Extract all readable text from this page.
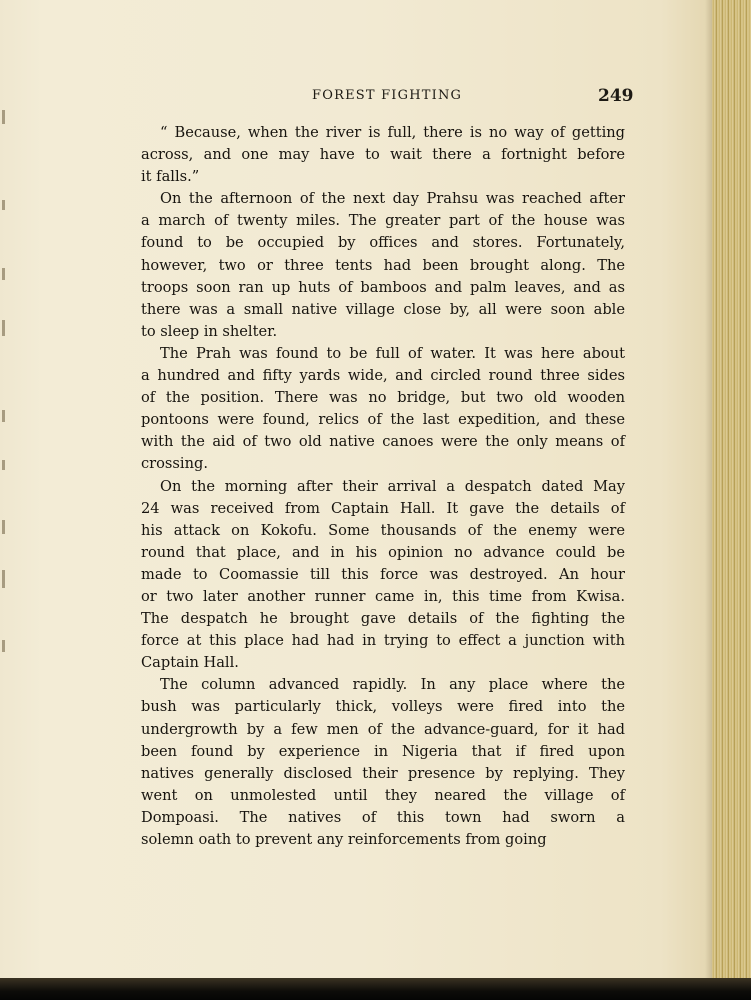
FOREST FIGHTING	249

“ Because, when the river is full, there is no way of getting
across, and one may have to wait there a fortnight before
it falls.”

On the afternoon of the next day Prahsu was reached after
a march of twenty miles. The greater part of the house was
found to be occupied by offices and stores. Fortunately,
however, two or three tents had been brought along. The
troops soon ran up huts of bamboos and palm leaves, and as
there was a small native village close by, all were soon able
to sleep in shelter.

The Prah was found to be full of water. It was here about
a hundred and fifty yards wide, and circled round three sides
of the position. There was no bridge, but two old wooden
pontoons were found, relics of the last expedition, and these
with the aid of two old native canoes were the only means of
crossing.

On the morning after their arrival a despatch dated May
24 was received from Captain Hall. It gave the details of
his attack on Kokofu. Some thousands of the enemy were
round that place, and in his opinion no advance could be
made to Coomassie till this force was destroyed. An hour
or two later another runner came in, this time from Kwisa.
The despatch he brought gave details of the fighting the
force at this place had had in trying to effect a junction with
Captain Hall.

The column advanced rapidly. In any place where the
bush was particularly thick, volleys were fired into the
undergrowth by a few men of the advance-guard, for it had
been found by experience in Nigeria that if fired upon
natives generally disclosed their presence by replying. They
went on unmolested until they neared the village of
Dompoasi. The natives of this town had sworn a
solemn oath to prevent any reinforcements from going
